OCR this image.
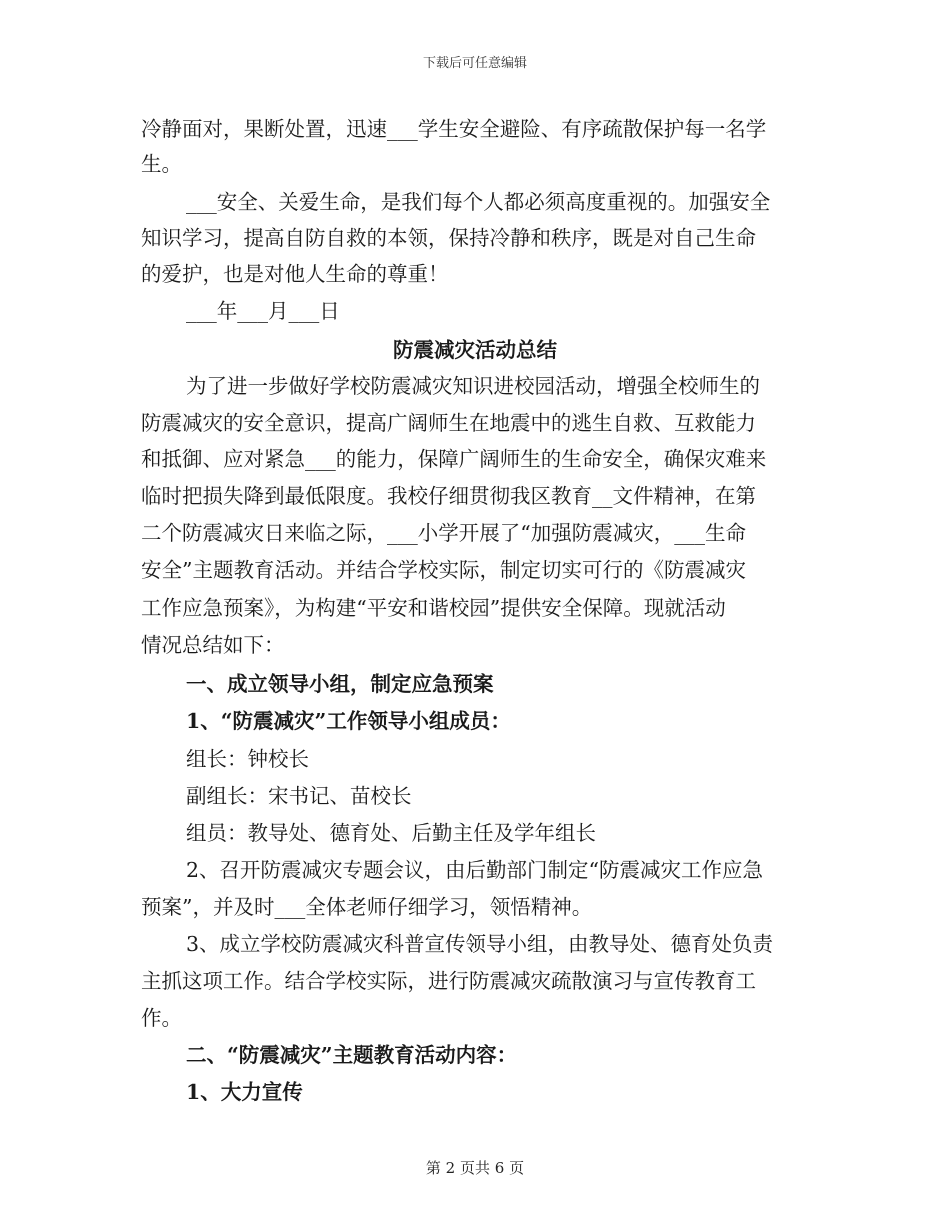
下载后可任意编辑
冷静面对，果断处置，迅速___学生安全避险、有序疏散保护每一名学
生。
___安全、关爱生命，是我们每个人都必须高度重视的。加强安全
知识学习，提高自防自救的本领，保持冷静和秩序，既是对自己生命
的爱护，也是对他人生命的尊重！
___年___月___日
防震减灾活动总结
为了进一步做好学校防震减灾知识进校园活动，增强全校师生的
防震减灾的安全意识，提高广阔师生在地震中的逃生自救、互救能力
和抵御、应对紧急___的能力，保障广阔师生的生命安全，确保灾难来
临时把损失降到最低限度。我校仔细贯彻我区教育__文件精神，在第
二个防震减灾日来临之际，___小学开展了“加强防震减灾，___生命
安全”主题教育活动。并结合学校实际，制定切实可行的《防震减灾
工作应急预案》，为构建“平安和谐校园”提供安全保障。现就活动
情况总结如下：
一、成立领导小组，制定应急预案
1、“防震减灾”工作领导小组成员：
组长：钟校长
副组长：宋书记、苗校长
组员：教导处、德育处、后勤主任及学年组长
2、召开防震减灾专题会议，由后勤部门制定“防震减灾工作应急
预案”，并及时___全体老师仔细学习，领悟精神。
3、成立学校防震减灾科普宣传领导小组，由教导处、德育处负责
主抓这项工作。结合学校实际，进行防震减灾疏散演习与宣传教育工
作。
二、“防震减灾”主题教育活动内容：
1、大力宣传
第 2 页共 6 页
